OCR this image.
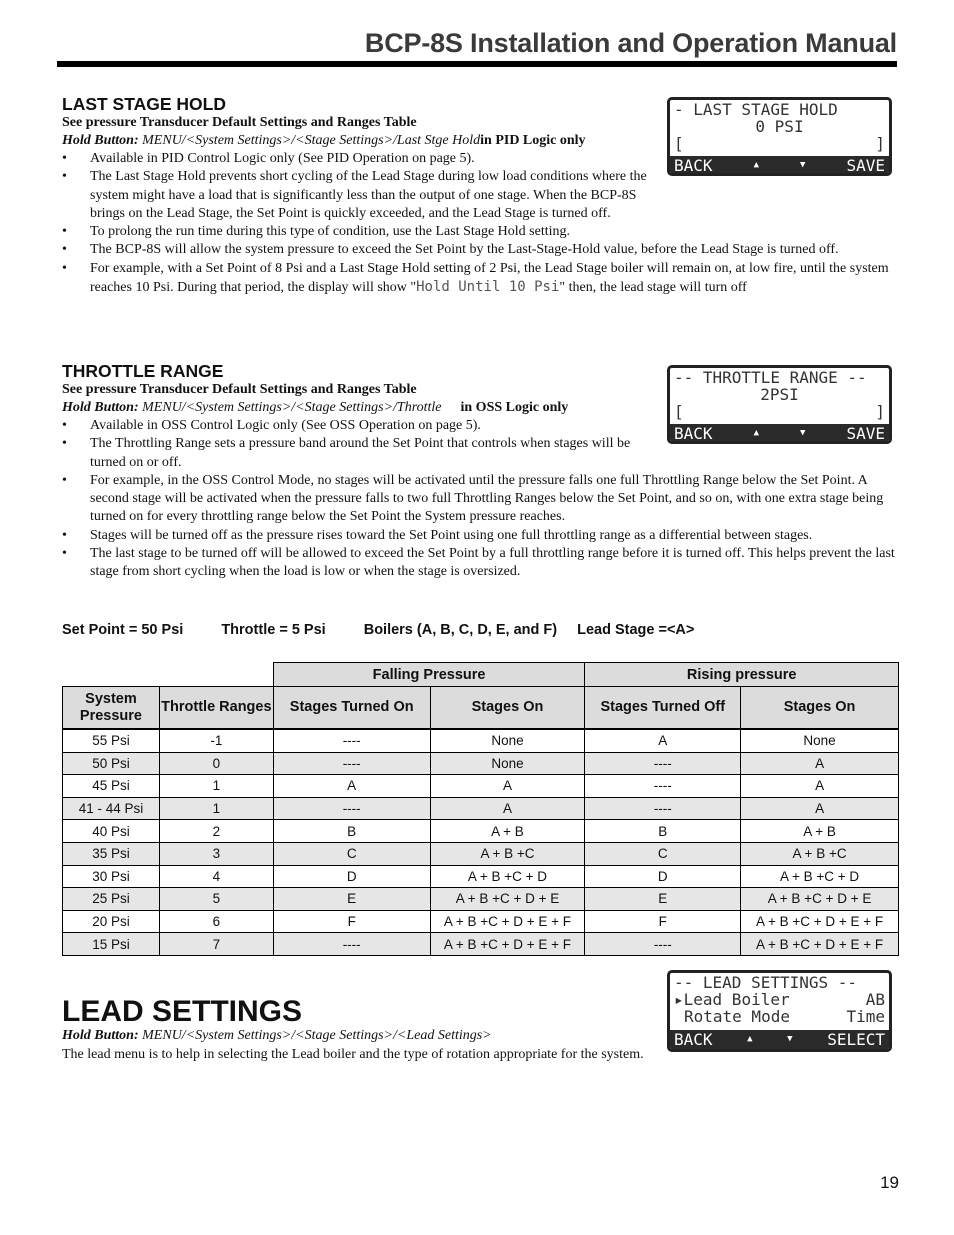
BCP-8S Installation and Operation Manual
LAST STAGE HOLD
See pressure Transducer Default Settings and Ranges Table
Hold Button: MENU/<System Settings>/<Stage Settings>/Last Stge Holdin PID Logic only
• Available in PID Control Logic only (See PID Operation on page 5).
• The Last Stage Hold prevents short cycling of the Lead Stage during low load conditions where the system might have a load that is significantly less than the output of one stage. When the BCP-8S brings on the Lead Stage, the Set Point is quickly exceeded, and the Lead Stage is turned off.
• To prolong the run time during this type of condition, use the Last Stage Hold setting.
• The BCP-8S will allow the system pressure to exceed the Set Point by the Last-Stage-Hold value, before the Lead Stage is turned off.
• For example, with a Set Point of 8 Psi and a Last Stage Hold setting of 2 Psi, the Lead Stage boiler will remain on, at low fire, until the system reaches 10 Psi. During that period, the display will show "Hold Until 10 Psi" then, the lead stage will turn off
- LAST STAGE HOLD
0 PSI
[	]
BACK	▲	▼	SAVE
THROTTLE RANGE
See pressure Transducer Default Settings and Ranges Table
Hold Button: MENU/<System Settings>/<Stage Settings>/Throttle in OSS Logic only
• Available in OSS Control Logic only (See OSS Operation on page 5).
• The Throttling Range sets a pressure band around the Set Point that controls when stages will be turned on or off.
• For example, in the OSS Control Mode, no stages will be activated until the pressure falls one full Throttling Range below the Set Point. A second stage will be activated when the pressure falls to two full Throttling Ranges below the Set Point, and so on, with one extra stage being turned on for every throttling range below the Set Point the System pressure reaches.
• Stages will be turned off as the pressure rises toward the Set Point using one full throttling range as a differential between stages.
• The last stage to be turned off will be allowed to exceed the Set Point by a full throttling range before it is turned off. This helps prevent the last stage from short cycling when the load is low or when the stage is oversized.
-- THROTTLE RANGE --
2PSI
[	]
BACK	▲	▼	SAVE
Set Point = 50 Psi	Throttle = 5 Psi	Boilers (A, B, C, D, E, and F) Lead Stage =<A>
		Falling Pressure		Rising pressure	
System Pressure	Throttle Ranges	Stages Turned On	Stages On	Stages Turned Off	Stages On
55 Psi	-1	----	None	A	None
50 Psi	0	----	None	----	A
45 Psi	1	A	A	----	A
41 - 44 Psi	1	----	A	----	A
40 Psi	2	B	A + B	B	A + B
35 Psi	3	C	A + B +C	C	A + B +C
30 Psi	4	D	A + B +C + D	D	A + B +C + D
25 Psi	5	E	A + B +C + D + E	E	A + B +C + D + E
20 Psi	6	F	A + B +C + D + E + F	F	A + B +C + D + E + F
15 Psi	7	----	A + B +C + D + E + F	----	A + B +C + D + E + F
LEAD SETTINGS
Hold Button: MENU/<System Settings>/<Stage Settings>/<Lead Settings>
The lead menu is to help in selecting the Lead boiler and the type of rotation appropriate for the system.
-- LEAD SETTINGS --
▸Lead Boiler	AB
Rotate Mode	Time
BACK	▲	▼ SELECT
19
